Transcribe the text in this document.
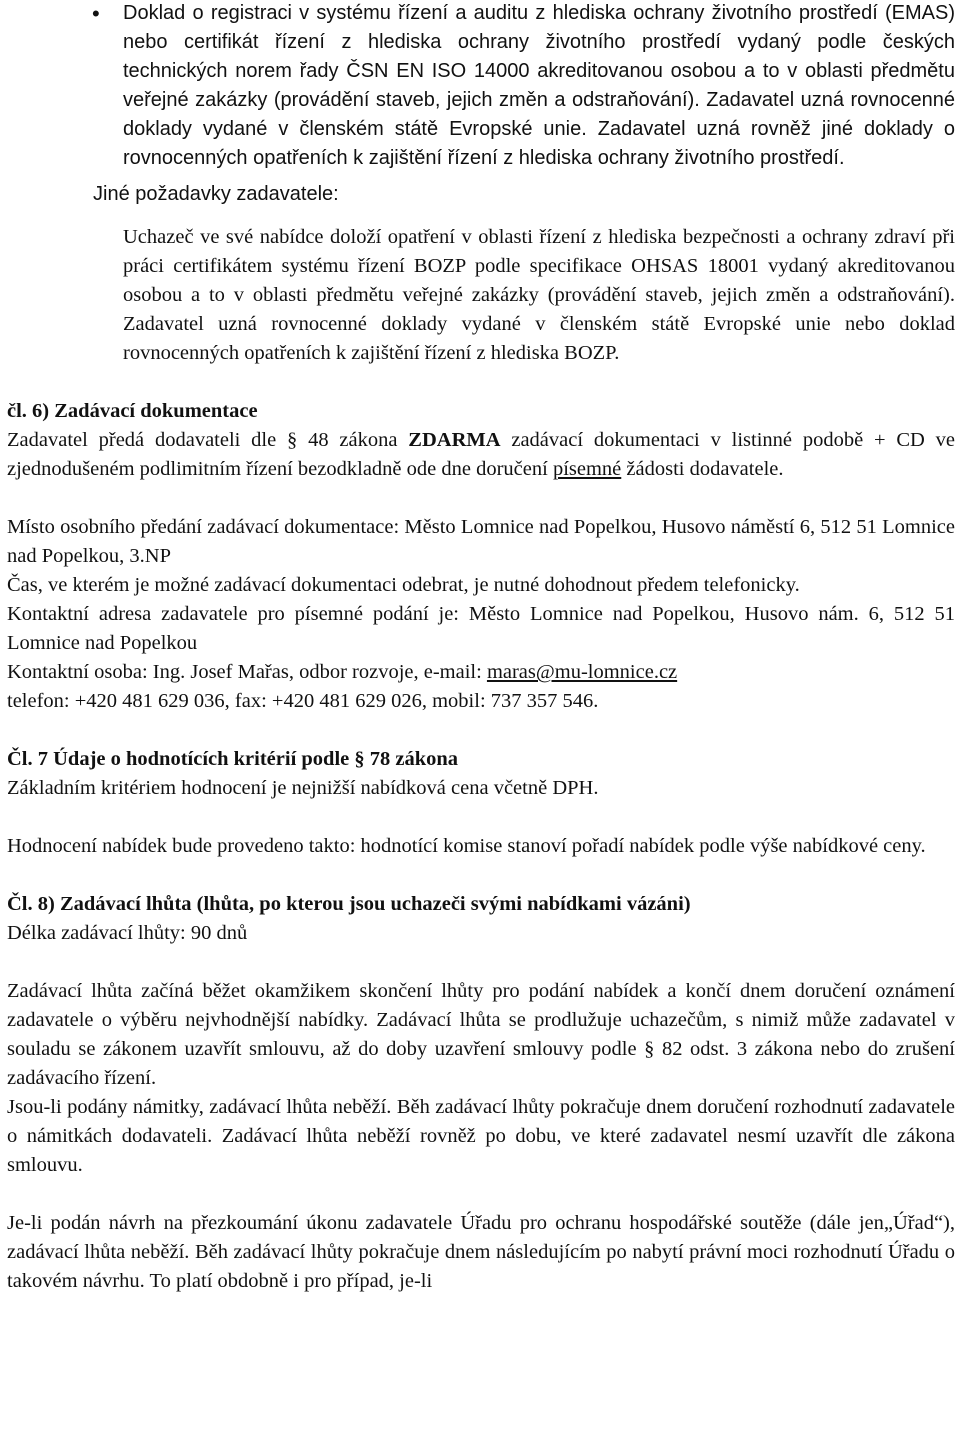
• Doklad o registraci v systému řízení a auditu z hlediska ochrany životního prostředí (EMAS) nebo certifikát řízení z hlediska ochrany životního prostředí vydaný podle českých technických norem řady ČSN EN ISO 14000 akreditovanou osobou a to v oblasti předmětu veřejné zakázky (provádění staveb, jejich změn a odstraňování). Zadavatel uzná rovnocenné doklady vydané v členském státě Evropské unie. Zadavatel uzná rovněž jiné doklady o rovnocenných opatřeních k zajištění řízení z hlediska ochrany životního prostředí.

Jiné požadavky zadavatele:

Uchazeč ve své nabídce doloží opatření v oblasti řízení z hlediska bezpečnosti a ochrany zdraví při práci certifikátem systému řízení BOZP podle specifikace OHSAS 18001 vydaný akreditovanou osobou a to v oblasti předmětu veřejné zakázky (provádění staveb, jejich změn a odstraňování). Zadavatel uzná rovnocenné doklady vydané v členském státě Evropské unie nebo doklad rovnocenných opatřeních k zajištění řízení z hlediska BOZP.

čl. 6) Zadávací dokumentace

Zadavatel předá dodavateli dle § 48 zákona ZDARMA zadávací dokumentaci v listinné podobě + CD ve zjednodušeném podlimitním řízení bezodkladně ode dne doručení písemné žádosti dodavatele.

Místo osobního předání zadávací dokumentace: Město Lomnice nad Popelkou, Husovo náměstí 6, 512 51 Lomnice nad Popelkou, 3.NP

Čas, ve kterém je možné zadávací dokumentaci odebrat, je nutné dohodnout předem telefonicky.

Kontaktní adresa zadavatele pro písemné podání je: Město Lomnice nad Popelkou, Husovo nám. 6, 512 51 Lomnice nad Popelkou

Kontaktní osoba: Ing. Josef Mařas, odbor rozvoje, e-mail: maras@mu-lomnice.cz

telefon: +420 481 629 036, fax: +420 481 629 026, mobil: 737 357 546.

Čl. 7 Údaje o hodnotících kritérií podle § 78 zákona

Základním kritériem hodnocení je nejnižší nabídková cena včetně DPH.

Hodnocení nabídek bude provedeno takto: hodnotící komise stanoví pořadí nabídek podle výše nabídkové ceny.

Čl. 8) Zadávací lhůta (lhůta, po kterou jsou uchazeči svými nabídkami vázáni)

Délka zadávací lhůty: 90 dnů

Zadávací lhůta začíná běžet okamžikem skončení lhůty pro podání nabídek a končí dnem doručení oznámení zadavatele o výběru nejvhodnější nabídky. Zadávací lhůta se prodlužuje uchazečům, s nimiž může zadavatel v souladu se zákonem uzavřít smlouvu, až do doby uzavření smlouvy podle § 82 odst. 3 zákona nebo do zrušení zadávacího řízení.

Jsou-li podány námitky, zadávací lhůta neběží. Běh zadávací lhůty pokračuje dnem doručení rozhodnutí zadavatele o námitkách dodavateli. Zadávací lhůta neběží rovněž po dobu, ve které zadavatel nesmí uzavřít dle zákona smlouvu.

Je-li podán návrh na přezkoumání úkonu zadavatele Úřadu pro ochranu hospodářské soutěže (dále jen„Úřad“), zadávací lhůta neběží. Běh zadávací lhůty pokračuje dnem následujícím po nabytí právní moci rozhodnutí Úřadu o takovém návrhu. To platí obdobně i pro případ, je-li
